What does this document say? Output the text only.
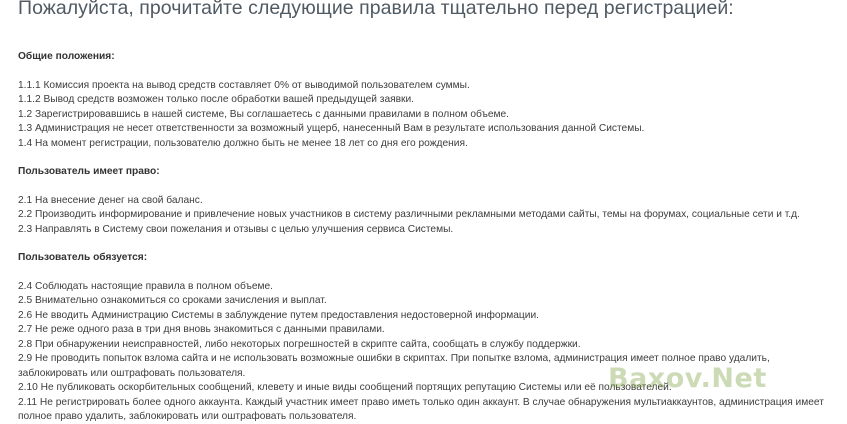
Пожалуйста, прочитайте следующие правила тщательно перед регистрацией:

Общие положения:

1.1.1 Комиссия проекта на вывод средств составляет 0% от выводимой пользователем суммы.

1.1.2 Вывод средств возможен только после обработки вашей предыдущей заявки.

1.2 Зарегистрировавшись в нашей системе, Вы соглашаетесь с данными правилами в полном объеме.

1.3 Администрация не несет ответственности за возможный ущерб, нанесенный Вам в результате использования данной Системы.

1.4 На момент регистрации, пользователю должно быть не менее 18 лет со дня его рождения.

Пользователь имеет право:

2.1 На внесение денег на свой баланс.

2.2 Производить информирование и привлечение новых участников в систему различными рекламными методами сайты, темы на форумах, социальные сети и т.д.

2.3 Направлять в Систему свои пожелания и отзывы с целью улучшения сервиса Системы.

Пользователь обязуется:

2.4 Соблюдать настоящие правила в полном объеме.

2.5 Внимательно ознакомиться со сроками зачисления и выплат.

2.6 Не вводить Администрацию Системы в заблуждение путем предоставления недостоверной информации.

2.7 Не реже одного раза в три дня вновь знакомиться с данными правилами.

2.8 При обнаружении неисправностей, либо некоторых погрешностей в скрипте сайта, сообщать в службу поддержки.

2.9 Не проводить попыток взлома сайта и не использовать возможные ошибки в скриптах. При попытке взлома, администрация имеет полное право удалить, заблокировать или оштрафовать пользователя.

2.10 Не публиковать оскорбительных сообщений, клевету и иные виды сообщений портящих репутацию Системы или её пользователей.

2.11 Не регистрировать более одного аккаунта. Каждый участник имеет право иметь только один аккаунт. В случае обнаружения мультиаккаунтов, администрация имеет полное право удалить, заблокировать или оштрафовать пользователя.

Baxov.Net
